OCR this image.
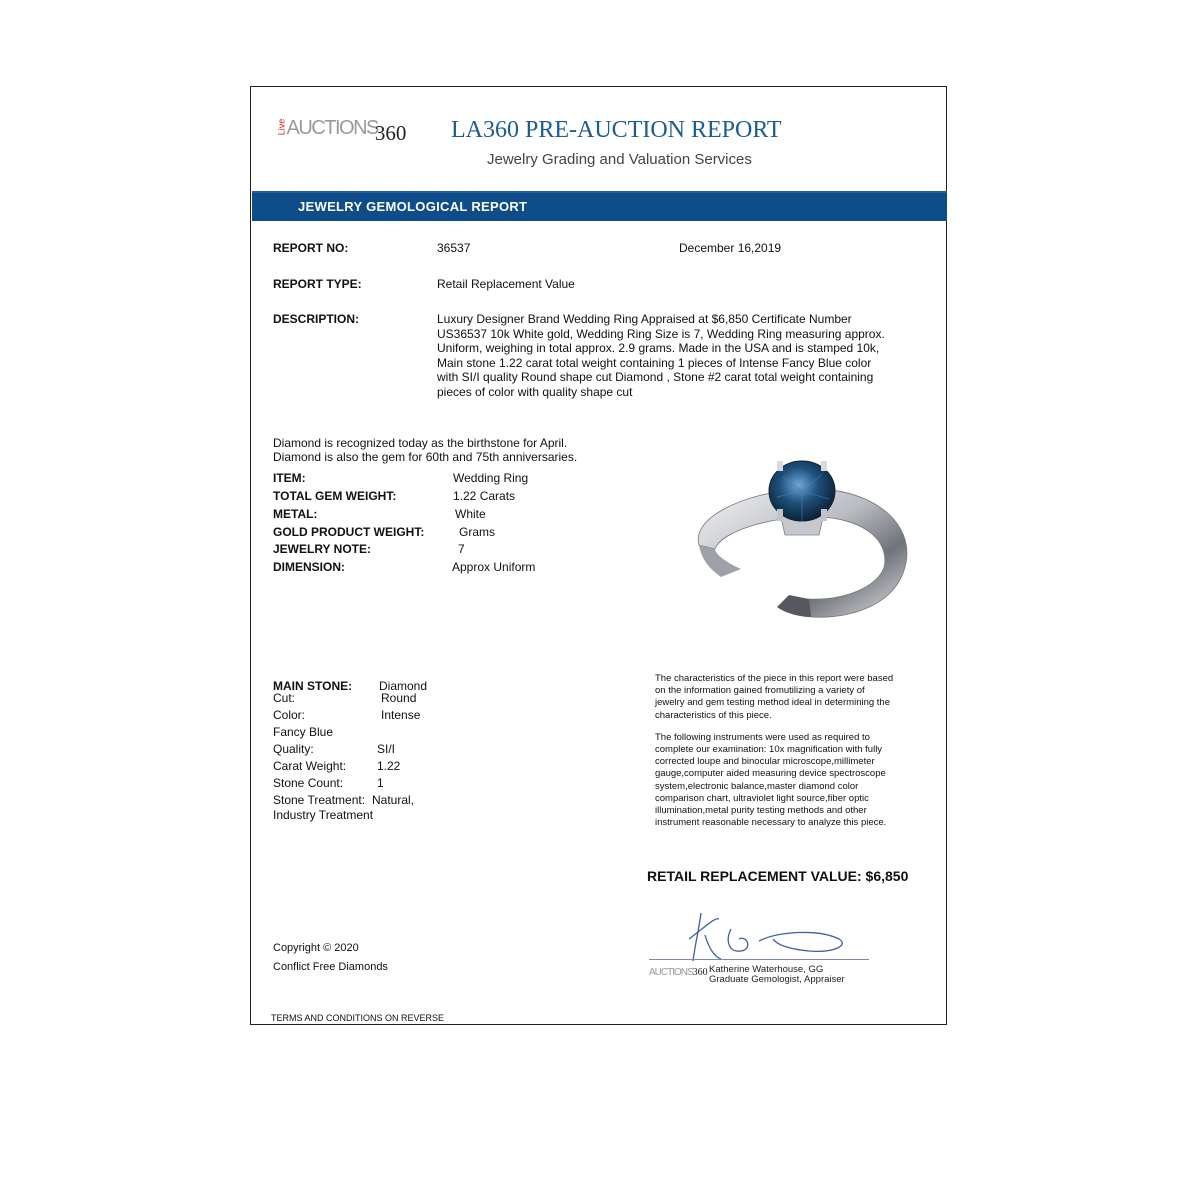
LiveAUCTIONS360 LA360 PRE-AUCTION REPORT
Jewelry Grading and Valuation Services
JEWELRY GEMOLOGICAL REPORT
REPORT NO:	36537	December 16,2019
REPORT TYPE:	Retail Replacement Value
DESCRIPTION:	Luxury Designer Brand Wedding Ring Appraised at $6,850 Certificate Number
US36537 10k White gold, Wedding Ring Size is 7, Wedding Ring measuring approx.
Uniform, weighing in total approx. 2.9 grams. Made in the USA and is stamped 10k,
Main stone 1.22 carat total weight containing 1 pieces of Intense Fancy Blue color
with SI/I quality Round shape cut Diamond , Stone #2 carat total weight containing
pieces of color with quality shape cut
Diamond is recognized today as the birthstone for April.
Diamond is also the gem for 60th and 75th anniversaries.
ITEM:	Wedding Ring
TOTAL GEM WEIGHT:	1.22 Carats
METAL:	White
GOLD PRODUCT WEIGHT:	Grams
JEWELRY NOTE:	7
DIMENSION:	Approx Uniform
MAIN STONE: Diamond
Cut:	Round
Color:	Intense
Fancy Blue
Quality:	SI/I
Carat Weight:	1.22
Stone Count:	1
Stone Treatment: Natural,
Industry Treatment
The characteristics of the piece in this report were based
on the information gained fromutilizing a variety of
jewelry and gem testing method ideal in determining the
characteristics of this piece.
The following instruments were used as required to
complete our examination: 10x magnification with fully
corrected loupe and binocular microscope,millimeter
gauge,computer aided measuring device spectroscope
system,electronic balance,master diamond color
comparison chart, ultraviolet light source,fiber optic
illumination,metal purity testing methods and other
instrument reasonable necessary to analyze this piece.
RETAIL REPLACEMENT VALUE: $6,850
AUCTIONS360 Katherine Waterhouse, GG
Graduate Gemologist, Appraiser
Copyright © 2020
Conflict Free Diamonds
TERMS AND CONDITIONS ON REVERSE
